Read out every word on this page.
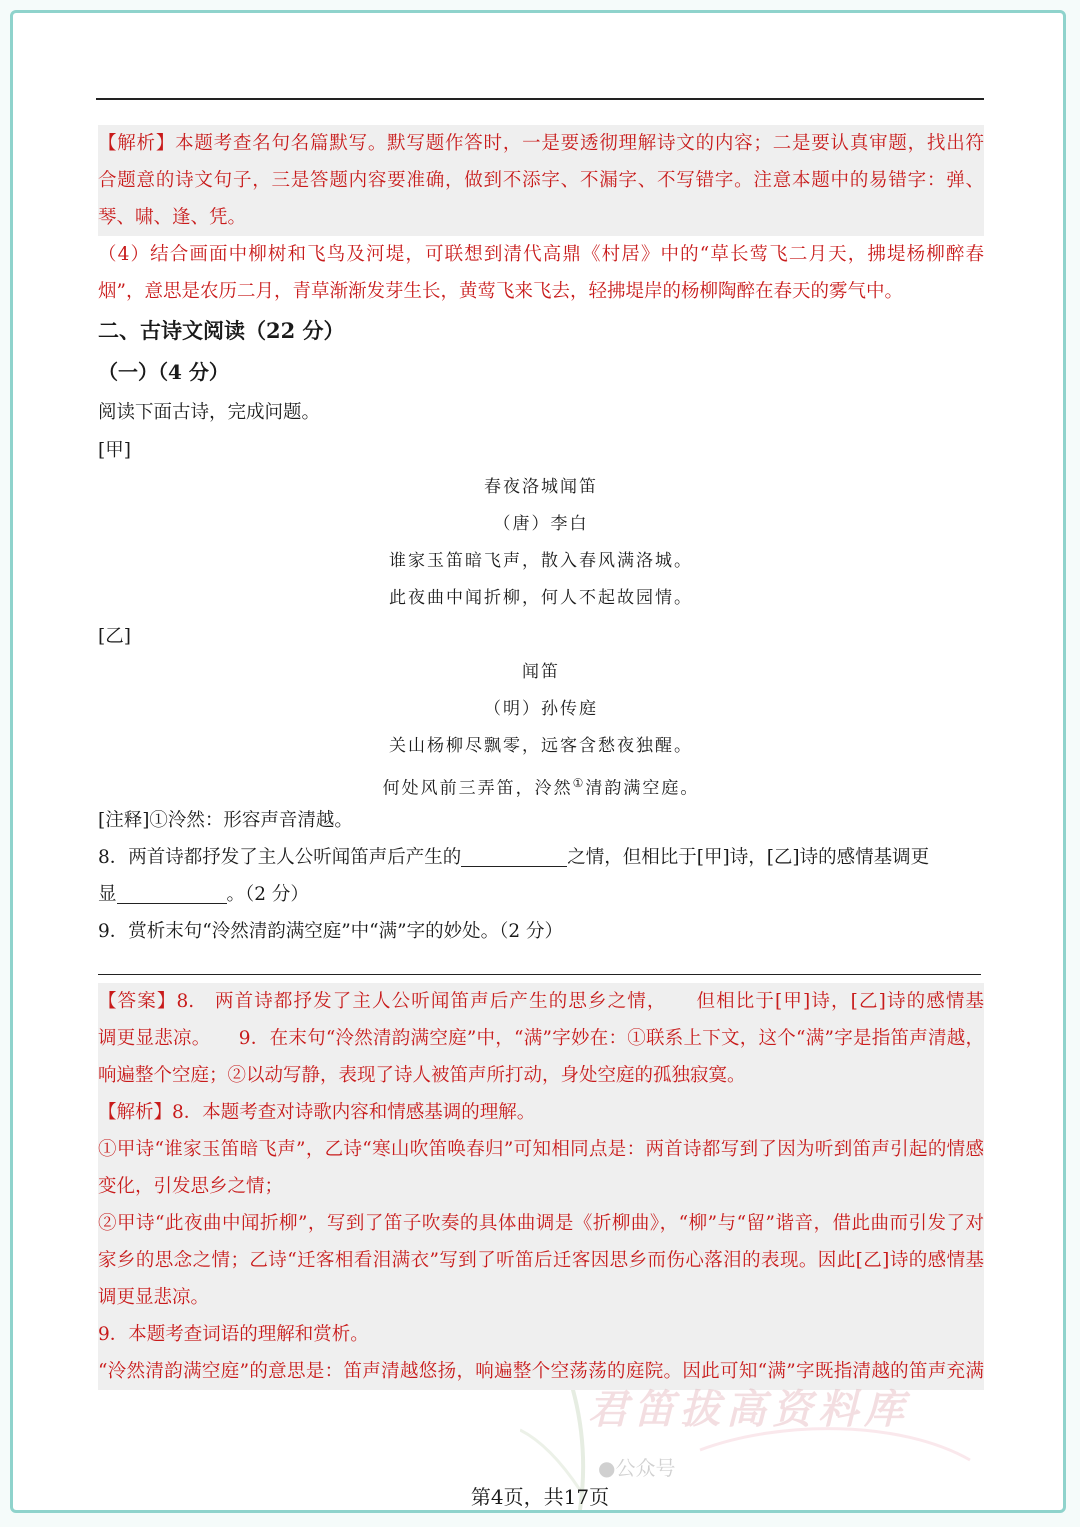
【解析】本题考查名句名篇默写。默写题作答时，一是要透彻理解诗文的内容；二是要认真审题，找出符
合题意的诗文句子，三是答题内容要准确，做到不添字、不漏字、不写错字。注意本题中的易错字：弹、
琴、啸、逢、凭。
（4）结合画面中柳树和飞鸟及河堤，可联想到清代高鼎《村居》中的“草长莺飞二月天，拂堤杨柳醉春
烟”，意思是农历二月，青草渐渐发芽生长，黄莺飞来飞去，轻拂堤岸的杨柳陶醉在春天的雾气中。
二、古诗文阅读（22 分）
（一）（4 分）
阅读下面古诗，完成问题。
[甲]
春夜洛城闻笛
（唐）李白
谁家玉笛暗飞声，散入春风满洛城。
此夜曲中闻折柳，何人不起故园情。
[乙]
闻笛
（明）孙传庭
关山杨柳尽飘零，远客含愁夜独醒。
何处风前三弄笛，泠然①清韵满空庭。
[注释]①泠然：形容声音清越。
8．两首诗都抒发了主人公听闻笛声后产生的	之情，但相比于[甲]诗，[乙]诗的感情基调更
显	。（2 分）
9．赏析末句“泠然清韵满空庭”中“满”字的妙处。（2 分）
【答案】8.　两首诗都抒发了主人公听闻笛声后产生的思乡之情，　　但相比于[甲]诗，[乙]诗的感情基
调更显悲凉。　　9．在末句“泠然清韵满空庭”中，“满”字妙在：①联系上下文，这个“满”字是指笛声清越，
响遍整个空庭；②以动写静，表现了诗人被笛声所打动，身处空庭的孤独寂寞。
【解析】8．本题考查对诗歌内容和情感基调的理解。
①甲诗“谁家玉笛暗飞声”，乙诗“寒山吹笛唤春归”可知相同点是：两首诗都写到了因为听到笛声引起的情感
变化，引发思乡之情；
②甲诗“此夜曲中闻折柳”，写到了笛子吹奏的具体曲调是《折柳曲》，“柳”与“留”谐音，借此曲而引发了对
家乡的思念之情；乙诗“迁客相看泪满衣”写到了听笛后迁客因思乡而伤心落泪的表现。因此[乙]诗的感情基
调更显悲凉。
9．本题考查词语的理解和赏析。
“泠然清韵满空庭”的意思是：笛声清越悠扬，响遍整个空荡荡的庭院。因此可知“满”字既指清越的笛声充满
君笛拔高资料库
●公众号
第4页，共17页
